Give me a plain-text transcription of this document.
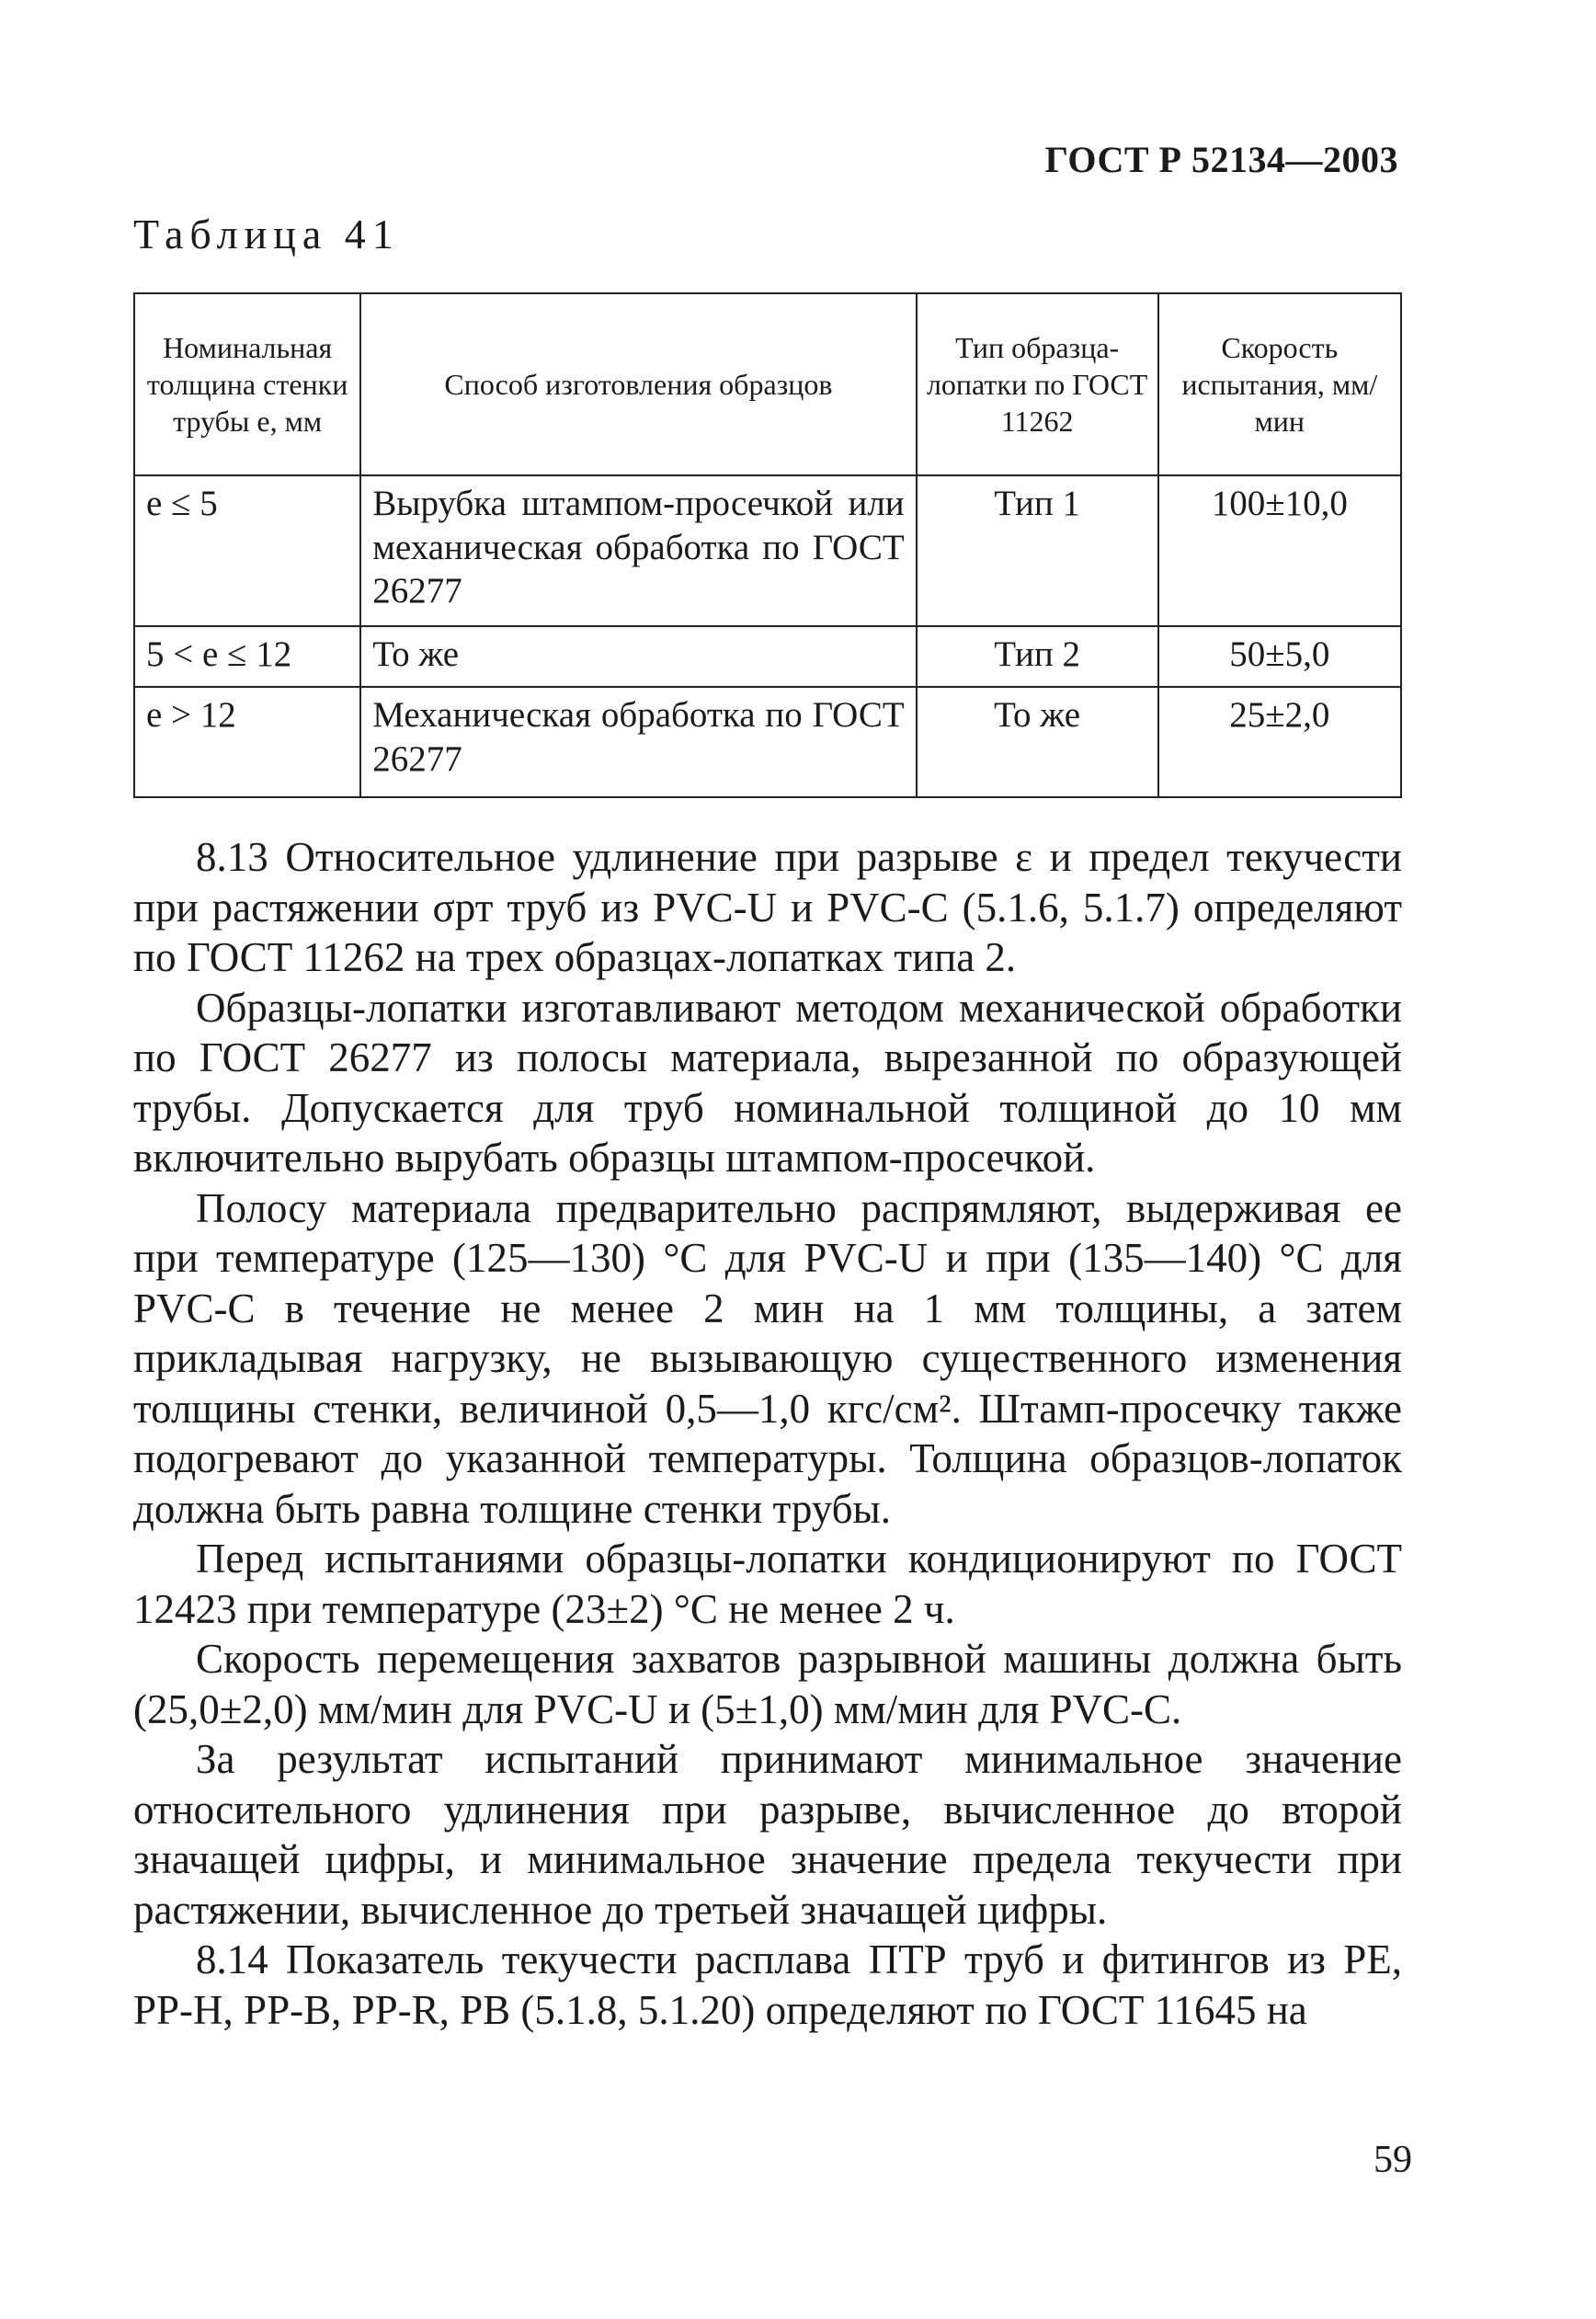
ГОСТ Р 52134—2003
Таблица 41
Номинальная толщина стенки трубы е, мм	Способ изготовления образцов	Тип образца-лопатки по ГОСТ 11262	Скорость испытания, мм/мин
е ≤ 5	Вырубка штампом-просечкой или механическая обработка по ГОСТ 26277	Тип 1	100±10,0
5 < е ≤ 12	То же	Тип 2	50±5,0
е > 12	Механическая обработка по ГОСТ 26277	То же	25±2,0

8.13 Относительное удлинение при разрыве ε и предел текучести при растяжении σрт труб из PVC-U и PVC-C (5.1.6, 5.1.7) определяют по ГОСТ 11262 на трех образцах-лопатках типа 2.

Образцы-лопатки изготавливают методом механической обработки по ГОСТ 26277 из полосы материала, вырезанной по образующей трубы. Допускается для труб номинальной толщиной до 10 мм включительно вырубать образцы штампом-просечкой.

Полосу материала предварительно распрямляют, выдерживая ее при температуре (125—130) °С для PVC-U и при (135—140) °С для PVC-C в течение не менее 2 мин на 1 мм толщины, а затем прикладывая нагрузку, не вызывающую существенного изменения толщины стенки, величиной 0,5—1,0 кгс/см². Штамп-просечку также подогревают до указанной температуры. Толщина образцов-лопаток должна быть равна толщине стенки трубы.

Перед испытаниями образцы-лопатки кондиционируют по ГОСТ 12423 при температуре (23±2) °С не менее 2 ч.

Скорость перемещения захватов разрывной машины должна быть (25,0±2,0) мм/мин для PVC-U и (5±1,0) мм/мин для PVC-C.

За результат испытаний принимают минимальное значение относительного удлинения при разрыве, вычисленное до второй значащей цифры, и минимальное значение предела текучести при растяжении, вычисленное до третьей значащей цифры.

8.14 Показатель текучести расплава ПТР труб и фитингов из PE, PP-H, PP-B, PP-R, PB (5.1.8, 5.1.20) определяют по ГОСТ 11645 на

59
